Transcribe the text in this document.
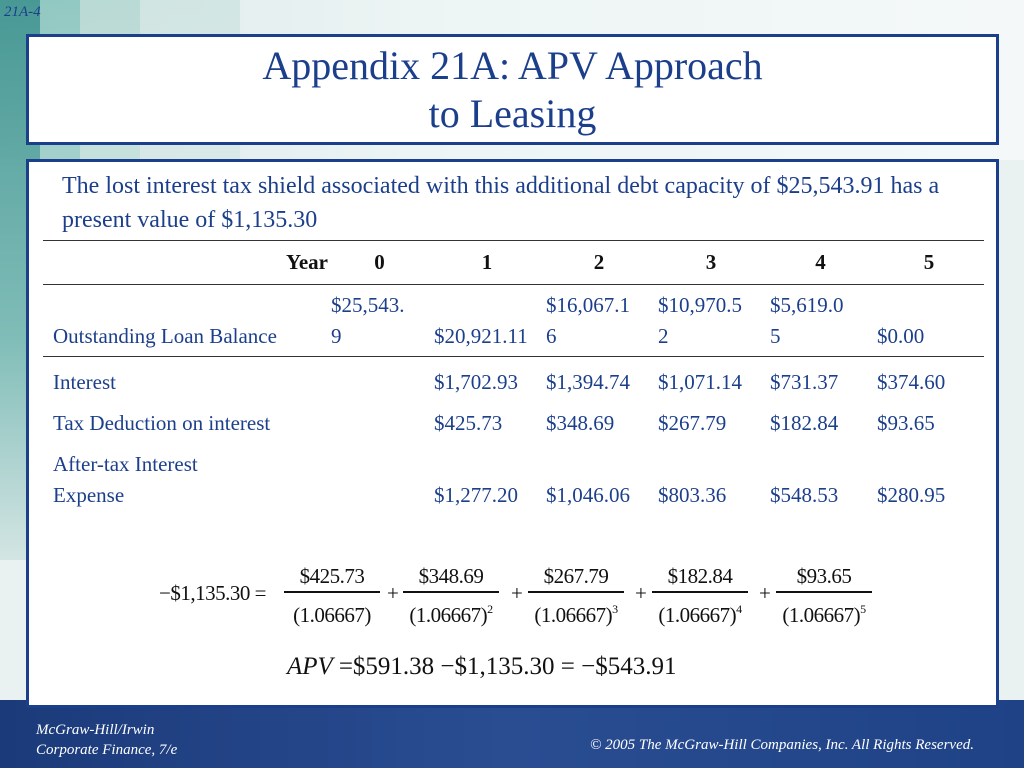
21A-4
Appendix 21A: APV Approach
to Leasing
The lost interest tax shield associated with this additional debt capacity of $25,543.91 has a present value of $1,135.30
Year	0	1	2	3	4	5
Outstanding Loan Balance	$25,543.9	$20,921.11	$16,067.16	$10,970.52	$5,619.05	$0.00
Interest		$1,702.93	$1,394.74	$1,071.14	$731.37	$374.60
Tax Deduction on interest		$425.73	$348.69	$267.79	$182.84	$93.65
After-tax Interest Expense		$1,277.20	$1,046.06	$803.36	$548.53	$280.95
−$1,135.30 =
$425.73
(1.06667)
+
$348.69
$(1.06667)^2$
+
$267.79
$(1.06667)^3$
+
$182.84
$(1.06667)^4$
+
$93.65
$(1.06667)^5$
APV =$591.38 −$1,135.30 = −$543.91
McGraw-Hill/Irwin
Corporate Finance, 7/e	© 2005 The McGraw-Hill Companies, Inc. All Rights Reserved.
